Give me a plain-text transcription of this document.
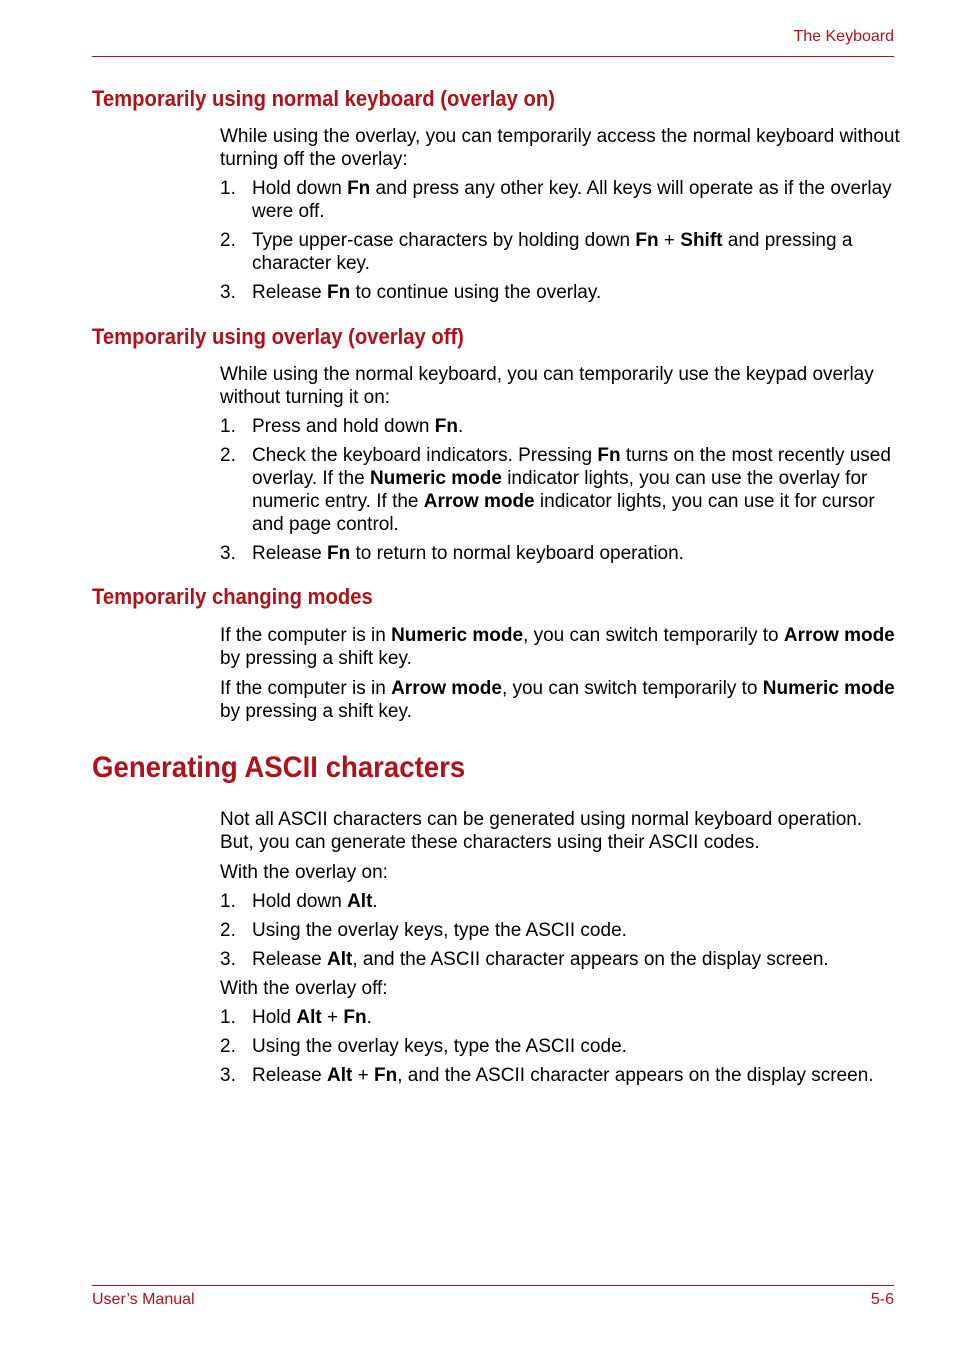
The Keyboard
Temporarily using normal keyboard (overlay on)

While using the overlay, you can temporarily access the normal keyboard without turning off the overlay:

1. Hold down Fn and press any other key. All keys will operate as if the overlay were off.
2. Type upper-case characters by holding down Fn + Shift and pressing a character key.
3. Release Fn to continue using the overlay.
Temporarily using overlay (overlay off)

While using the normal keyboard, you can temporarily use the keypad overlay without turning it on:

1. Press and hold down Fn.
2. Check the keyboard indicators. Pressing Fn turns on the most recently used overlay. If the Numeric mode indicator lights, you can use the overlay for numeric entry. If the Arrow mode indicator lights, you can use it for cursor and page control.
3. Release Fn to return to normal keyboard operation.
Temporarily changing modes

If the computer is in Numeric mode, you can switch temporarily to Arrow mode by pressing a shift key.

If the computer is in Arrow mode, you can switch temporarily to Numeric mode by pressing a shift key.

Generating ASCII characters

Not all ASCII characters can be generated using normal keyboard operation. But, you can generate these characters using their ASCII codes.

With the overlay on:

1. Hold down Alt.
2. Using the overlay keys, type the ASCII code.
3. Release Alt, and the ASCII character appears on the display screen.

With the overlay off:

1. Hold Alt + Fn.
2. Using the overlay keys, type the ASCII code.
3. Release Alt + Fn, and the ASCII character appears on the display screen.
User’s Manual	5-6
